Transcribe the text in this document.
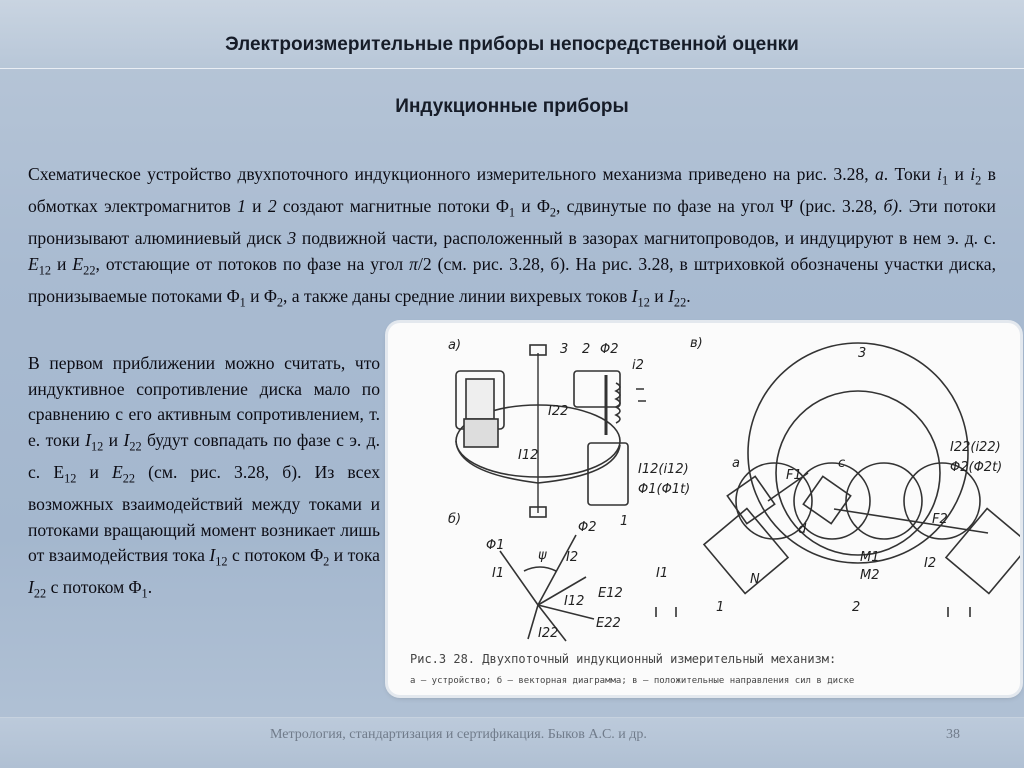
Электроизмерительные приборы непосредственной оценки
Индукционные приборы
Схематическое устройство двухпоточного индукционного измерительного механизма приведено на рис. 3.28, а. Токи $i_1$ и $i_2$ в обмотках электромагнитов 1 и 2 создают магнитные потоки $\Phi_1$ и $\Phi_2$, сдвинутые по фазе на угол Ψ (рис. 3.28, б). Эти потоки пронизывают алюминиевый диск 3 подвижной части, расположенный в зазорах магнитопроводов, и индуцируют в нем э. д. с. $Е_{12}$ и $Е_{22}$, отстающие от потоков по фазе на угол π/2 (см. рис. 3.28, б). На рис. 3.28, в штриховкой обозначены участки диска, пронизываемые потоками $\Phi_1$ и $\Phi_2$, а также даны средние линии вихревых токов $I_{12}$ и $I_{22}$.
В первом приближении можно считать, что индуктивное сопротивление диска мало по сравнению с его активным сопротивлением, т. е. токи $I_{12}$ и $I_{22}$ будут совпадать по фазе с э. д. с. $Е_{12}$ и $Е_{22}$ (см. рис. 3.28, б). Из всех возможных взаимодействий между токами и потоками вращающий момент возникает лишь от взаимодействия тока $I_{12}$ с потоком $\Phi_2$ и тока $I_{22}$ с потоком $\Phi_1$.
а)	в)
б)
3	3
2 Φ2
i2
I22
I12
I12(i12)
Φ1(Φ1t)
1
Φ1
Φ2
ψ I2
I1
E12
E22
I12
I22
I22(i22)
Φ2(Φ2t)
F1
F2
M1
M2
I1
I2
a	c
d
N
1	2
Рис.3 28. Двухпоточный индукционный измерительный механизм:
а — устройство; б — векторная диаграмма; в — положительные направления сил в диске
Метрология, стандартизация и сертификация. Быков А.С. и др.	38
